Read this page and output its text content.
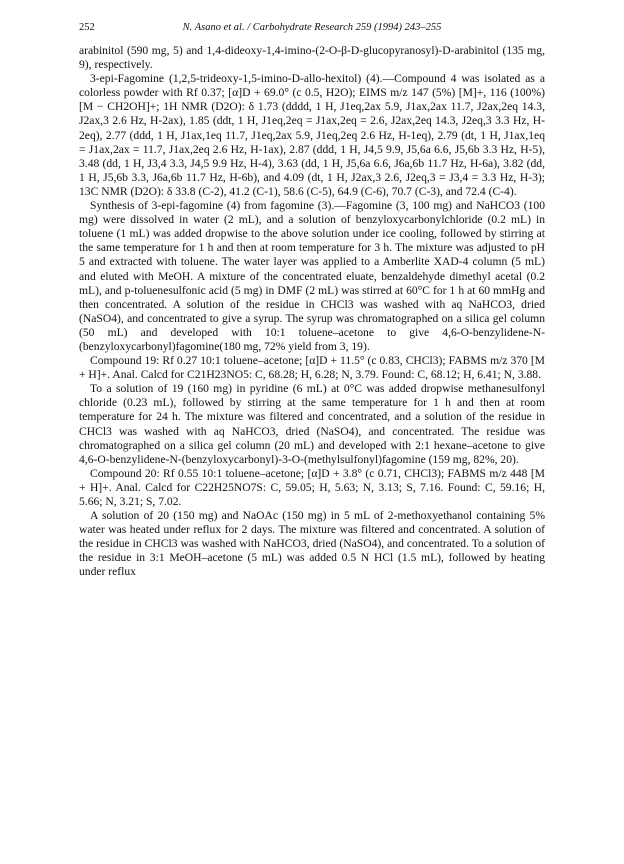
252	N. Asano et al. / Carbohydrate Research 259 (1994) 243–255

arabinitol (590 mg, 5) and 1,4-dideoxy-1,4-imino-(2-O-β-D-glucopyranosyl)-D-arabinitol (135 mg, 9), respectively.

3-epi-Fagomine (1,2,5-trideoxy-1,5-imino-D-allo-hexitol) (4).—Compound 4 was isolated as a colorless powder with Rf 0.37; [α]D + 69.0° (c 0.5, H2O); EIMS m/z 147 (5%) [M]+, 116 (100%) [M − CH2OH]+; 1H NMR (D2O): δ 1.73 (dddd, 1 H, J1eq,2ax 5.9, J1ax,2ax 11.7, J2ax,2eq 14.3, J2ax,3 2.6 Hz, H-2ax), 1.85 (ddt, 1 H, J1eq,2eq = J1ax,2eq = 2.6, J2ax,2eq 14.3, J2eq,3 3.3 Hz, H-2eq), 2.77 (ddd, 1 H, J1ax,1eq 11.7, J1eq,2ax 5.9, J1eq,2eq 2.6 Hz, H-1eq), 2.79 (dt, 1 H, J1ax,1eq = J1ax,2ax = 11.7, J1ax,2eq 2.6 Hz, H-1ax), 2.87 (ddd, 1 H, J4,5 9.9, J5,6a 6.6, J5,6b 3.3 Hz, H-5), 3.48 (dd, 1 H, J3,4 3.3, J4,5 9.9 Hz, H-4), 3.63 (dd, 1 H, J5,6a 6.6, J6a,6b 11.7 Hz, H-6a), 3.82 (dd, 1 H, J5,6b 3.3, J6a,6b 11.7 Hz, H-6b), and 4.09 (dt, 1 H, J2ax,3 2.6, J2eq,3 = J3,4 = 3.3 Hz, H-3); 13C NMR (D2O): δ 33.8 (C-2), 41.2 (C-1), 58.6 (C-5), 64.9 (C-6), 70.7 (C-3), and 72.4 (C-4).

Synthesis of 3-epi-fagomine (4) from fagomine (3).—Fagomine (3, 100 mg) and NaHCO3 (100 mg) were dissolved in water (2 mL), and a solution of benzyloxycarbonylchloride (0.2 mL) in toluene (1 mL) was added dropwise to the above solution under ice cooling, followed by stirring at the same temperature for 1 h and then at room temperature for 3 h. The mixture was adjusted to pH 5 and extracted with toluene. The water layer was applied to a Amberlite XAD-4 column (5 mL) and eluted with MeOH. A mixture of the concentrated eluate, benzaldehyde dimethyl acetal (0.2 mL), and p-toluenesulfonic acid (5 mg) in DMF (2 mL) was stirred at 60°C for 1 h at 60 mmHg and then concentrated. A solution of the residue in CHCl3 was washed with aq NaHCO3, dried (NaSO4), and concentrated to give a syrup. The syrup was chromatographed on a silica gel column (50 mL) and developed with 10:1 toluene–acetone to give 4,6-O-benzylidene-N-(benzyloxycarbonyl)fagomine(180 mg, 72% yield from 3, 19).

Compound 19: Rf 0.27 10:1 toluene–acetone; [α]D + 11.5° (c 0.83, CHCl3); FABMS m/z 370 [M + H]+. Anal. Calcd for C21H23NO5: C, 68.28; H, 6.28; N, 3.79. Found: C, 68.12; H, 6.41; N, 3.88.

To a solution of 19 (160 mg) in pyridine (6 mL) at 0°C was added dropwise methanesulfonyl chloride (0.23 mL), followed by stirring at the same temperature for 1 h and then at room temperature for 24 h. The mixture was filtered and concentrated, and a solution of the residue in CHCl3 was washed with aq NaHCO3, dried (NaSO4), and concentrated. The residue was chromatographed on a silica gel column (20 mL) and developed with 2:1 hexane–acetone to give 4,6-O-benzylidene-N-(benzyloxycarbonyl)-3-O-(methylsulfonyl)fagomine (159 mg, 82%, 20).

Compound 20: Rf 0.55 10:1 toluene–acetone; [α]D + 3.8° (c 0.71, CHCl3); FABMS m/z 448 [M + H]+. Anal. Calcd for C22H25NO7S: C, 59.05; H, 5.63; N, 3.13; S, 7.16. Found: C, 59.16; H, 5.66; N, 3.21; S, 7.02.

A solution of 20 (150 mg) and NaOAc (150 mg) in 5 mL of 2-methoxyethanol containing 5% water was heated under reflux for 2 days. The mixture was filtered and concentrated. A solution of the residue in CHCl3 was washed with NaHCO3, dried (NaSO4), and concentrated. To a solution of the residue in 3:1 MeOH–acetone (5 mL) was added 0.5 N HCl (1.5 mL), followed by heating under reflux
